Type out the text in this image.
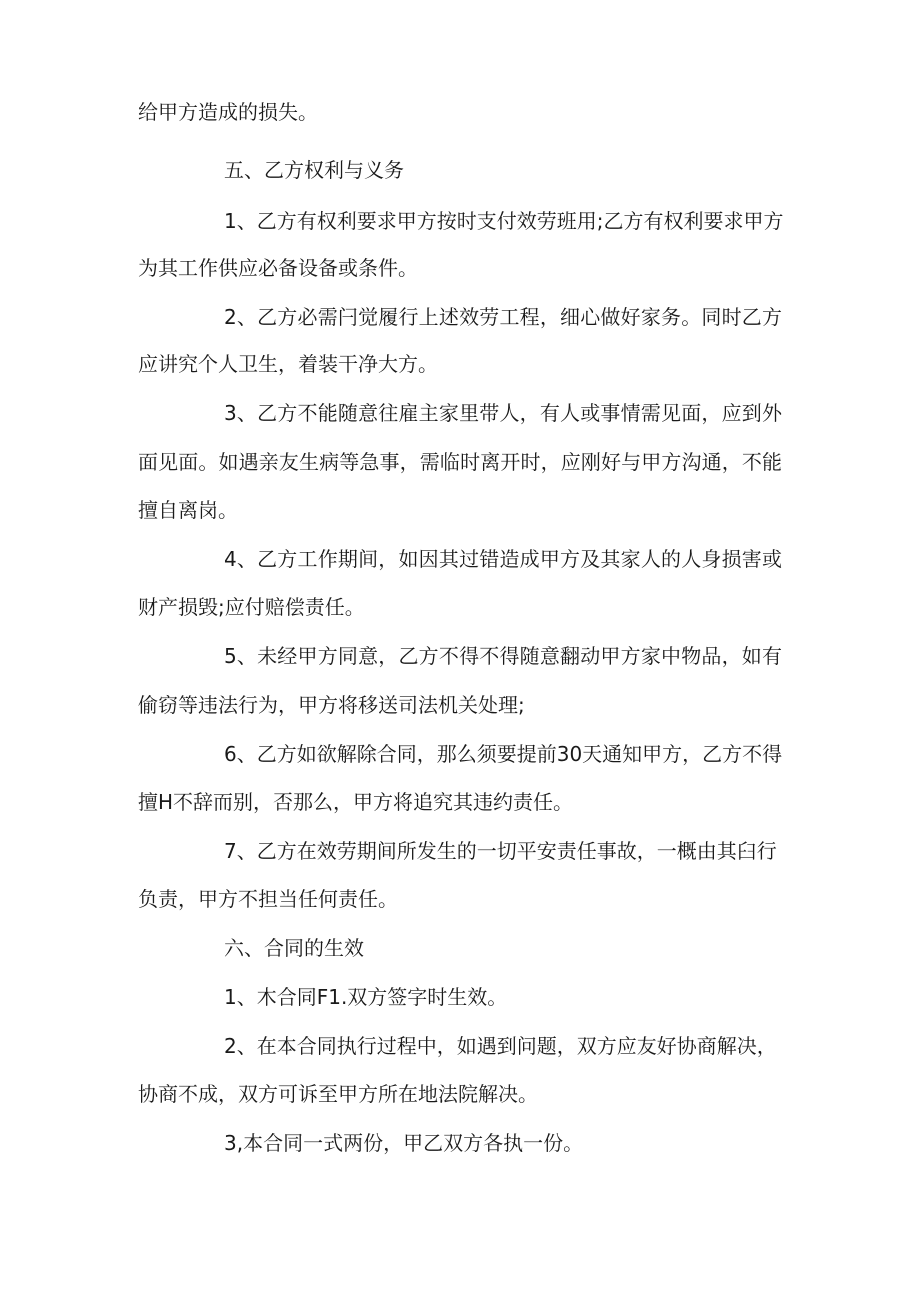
给甲方造成的损失。
五、乙方权利与义务
1、乙方有权利要求甲方按时支付效劳班用;乙方有权利要求甲方
为其工作供应必备设备或条件。
2、乙方必需闩觉履行上述效劳工程，细心做好家务。同时乙方
应讲究个人卫生，着装干净大方。
3、乙方不能随意往雇主家里带人，有人或事情需见面，应到外
面见面。如遇亲友生病等急事，需临时离开时，应刚好与甲方沟通，不能
擅自离岗。
4、乙方工作期间，如因其过错造成甲方及其家人的人身损害或
财产损毁;应付赔偿责任。
5、未经甲方同意，乙方不得不得随意翻动甲方家中物品，如有
偷窃等违法行为，甲方将移送司法机关处理;
6、乙方如欲解除合同，那么须要提前30天通知甲方，乙方不得
擅H不辞而别，否那么，甲方将追究其违约责任。
7、乙方在效劳期间所发生的一切平安责任事故，一概由其臼行
负责，甲方不担当任何责任。
六、合同的生效
1、木合同F1.双方签字时生效。
2、在本合同执行过程中，如遇到问题，双方应友好协商解决，
协商不成，双方可诉至甲方所在地法院解决。
3,本合同一式两份，甲乙双方各执一份。
